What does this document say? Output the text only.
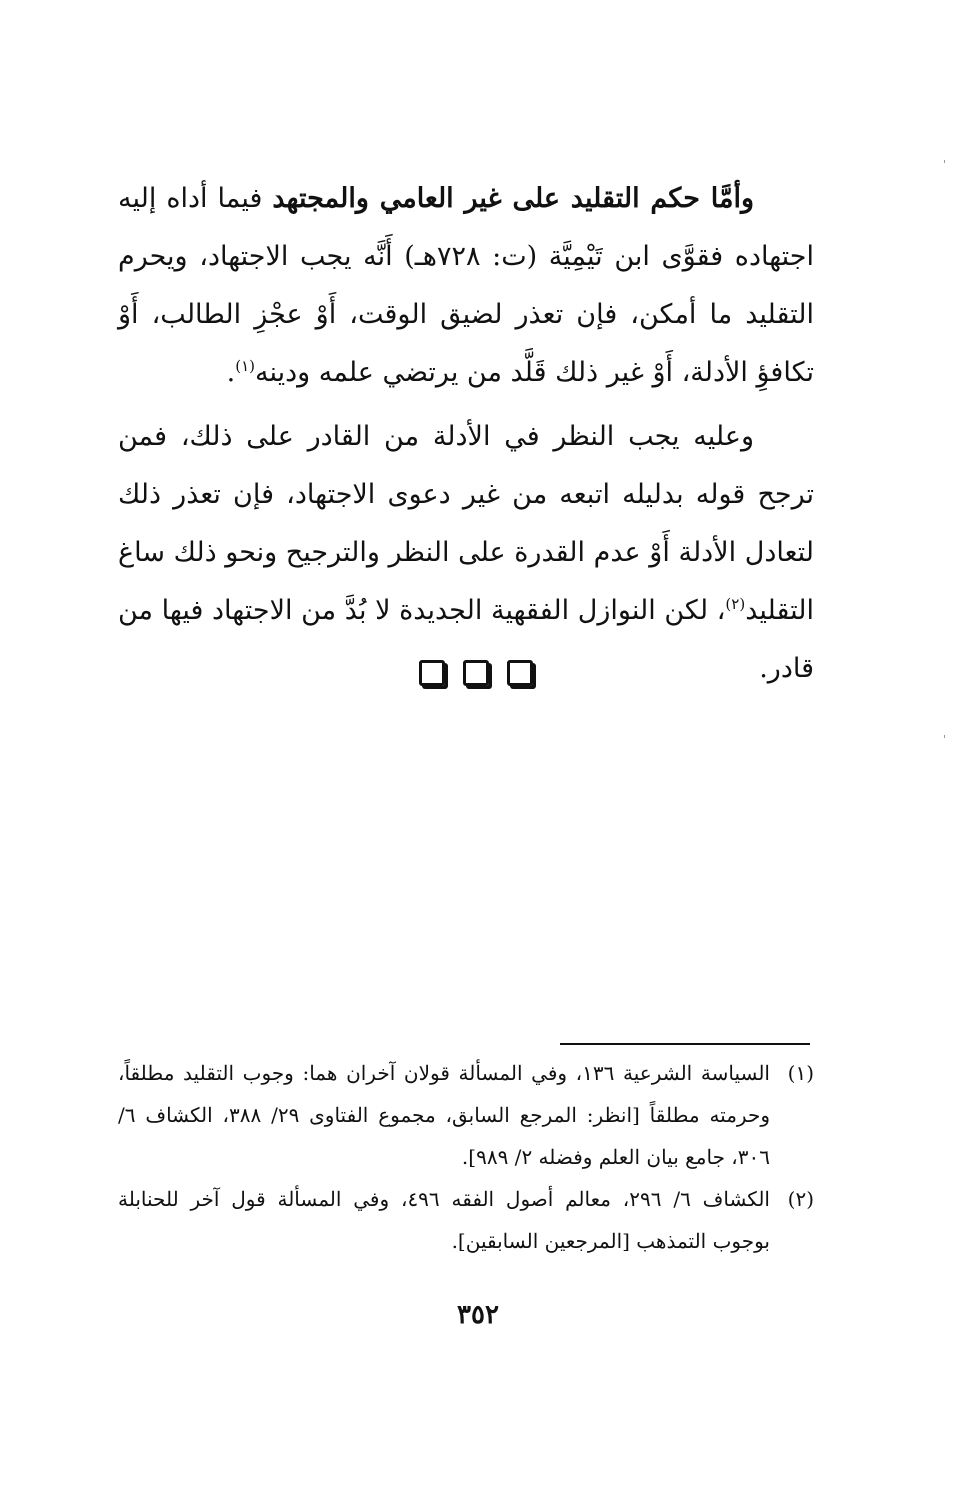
وأمَّا حكم التقليد على غير العامي والمجتهد فيما أداه إليه اجتهاده فقوَّى ابن تَيْمِيَّة (ت: ٧٢٨هـ) أَنَّه يجب الاجتهاد، ويحرم التقليد ما أمكن، فإن تعذر لضيق الوقت، أَوْ عجْزِ الطالب، أَوْ تكافؤِ الأدلة، أَوْ غير ذلك قَلَّد من يرتضي علمه ودينه$^{(١)}$.

وعليه يجب النظر في الأدلة من القادر على ذلك، فمن ترجح قوله بدليله اتبعه من غير دعوى الاجتهاد، فإن تعذر ذلك لتعادل الأدلة أَوْ عدم القدرة على النظر والترجيح ونحو ذلك ساغ التقليد$^{(٢)}$، لكن النوازل الفقهية الجديدة لا بُدَّ من الاجتهاد فيها من قادر.

(١)
السياسة الشرعية ١٣٦، وفي المسألة قولان آخران هما: وجوب التقليد مطلقاً، وحرمته مطلقاً [انظر: المرجع السابق، مجموع الفتاوى ٢٩/ ٣٨٨، الكشاف ٦/ ٣٠٦، جامع بيان العلم وفضله ٢/ ٩٨٩].
(٢)
الكشاف ٦/ ٢٩٦، معالم أصول الفقه ٤٩٦، وفي المسألة قول آخر للحنابلة بوجوب التمذهب [المرجعين السابقين].
٣٥٢
